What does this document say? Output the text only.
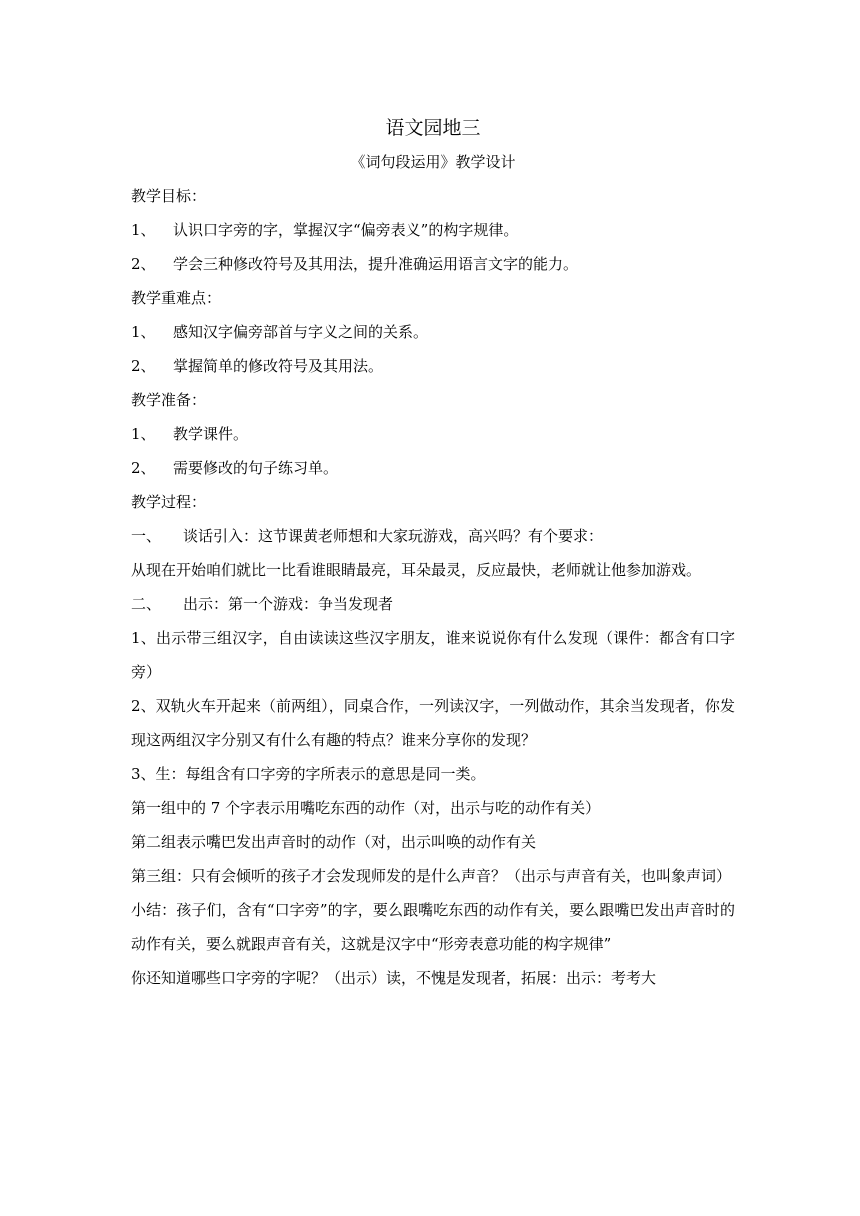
语文园地三

《词句段运用》教学设计

教学目标：

1、 认识口字旁的字，掌握汉字“偏旁表义”的构字规律。

2、 学会三种修改符号及其用法，提升准确运用语言文字的能力。

教学重难点：

1、 感知汉字偏旁部首与字义之间的关系。

2、 掌握简单的修改符号及其用法。

教学准备：

1、 教学课件。

2、 需要修改的句子练习单。

教学过程：

一、 谈话引入：这节课黄老师想和大家玩游戏，高兴吗？有个要求：

从现在开始咱们就比一比看谁眼睛最亮，耳朵最灵，反应最快，老师就让他参加游戏。

二、 出示：第一个游戏：争当发现者

1、出示带三组汉字，自由读读这些汉字朋友，谁来说说你有什么发现（课件：都含有口字旁）

2、双轨火车开起来（前两组），同桌合作，一列读汉字，一列做动作，其余当发现者，你发现这两组汉字分别又有什么有趣的特点？谁来分享你的发现？

3、生：每组含有口字旁的字所表示的意思是同一类。

第一组中的 7 个字表示用嘴吃东西的动作（对，出示与吃的动作有关）

第二组表示嘴巴发出声音时的动作（对，出示叫唤的动作有关

第三组：只有会倾听的孩子才会发现师发的是什么声音？（出示与声音有关，也叫象声词）

小结：孩子们，含有“口字旁”的字，要么跟嘴吃东西的动作有关，要么跟嘴巴发出声音时的动作有关，要么就跟声音有关，这就是汉字中“形旁表意功能的构字规律”

你还知道哪些口字旁的字呢？（出示）读，不愧是发现者，拓展：出示：考考大
